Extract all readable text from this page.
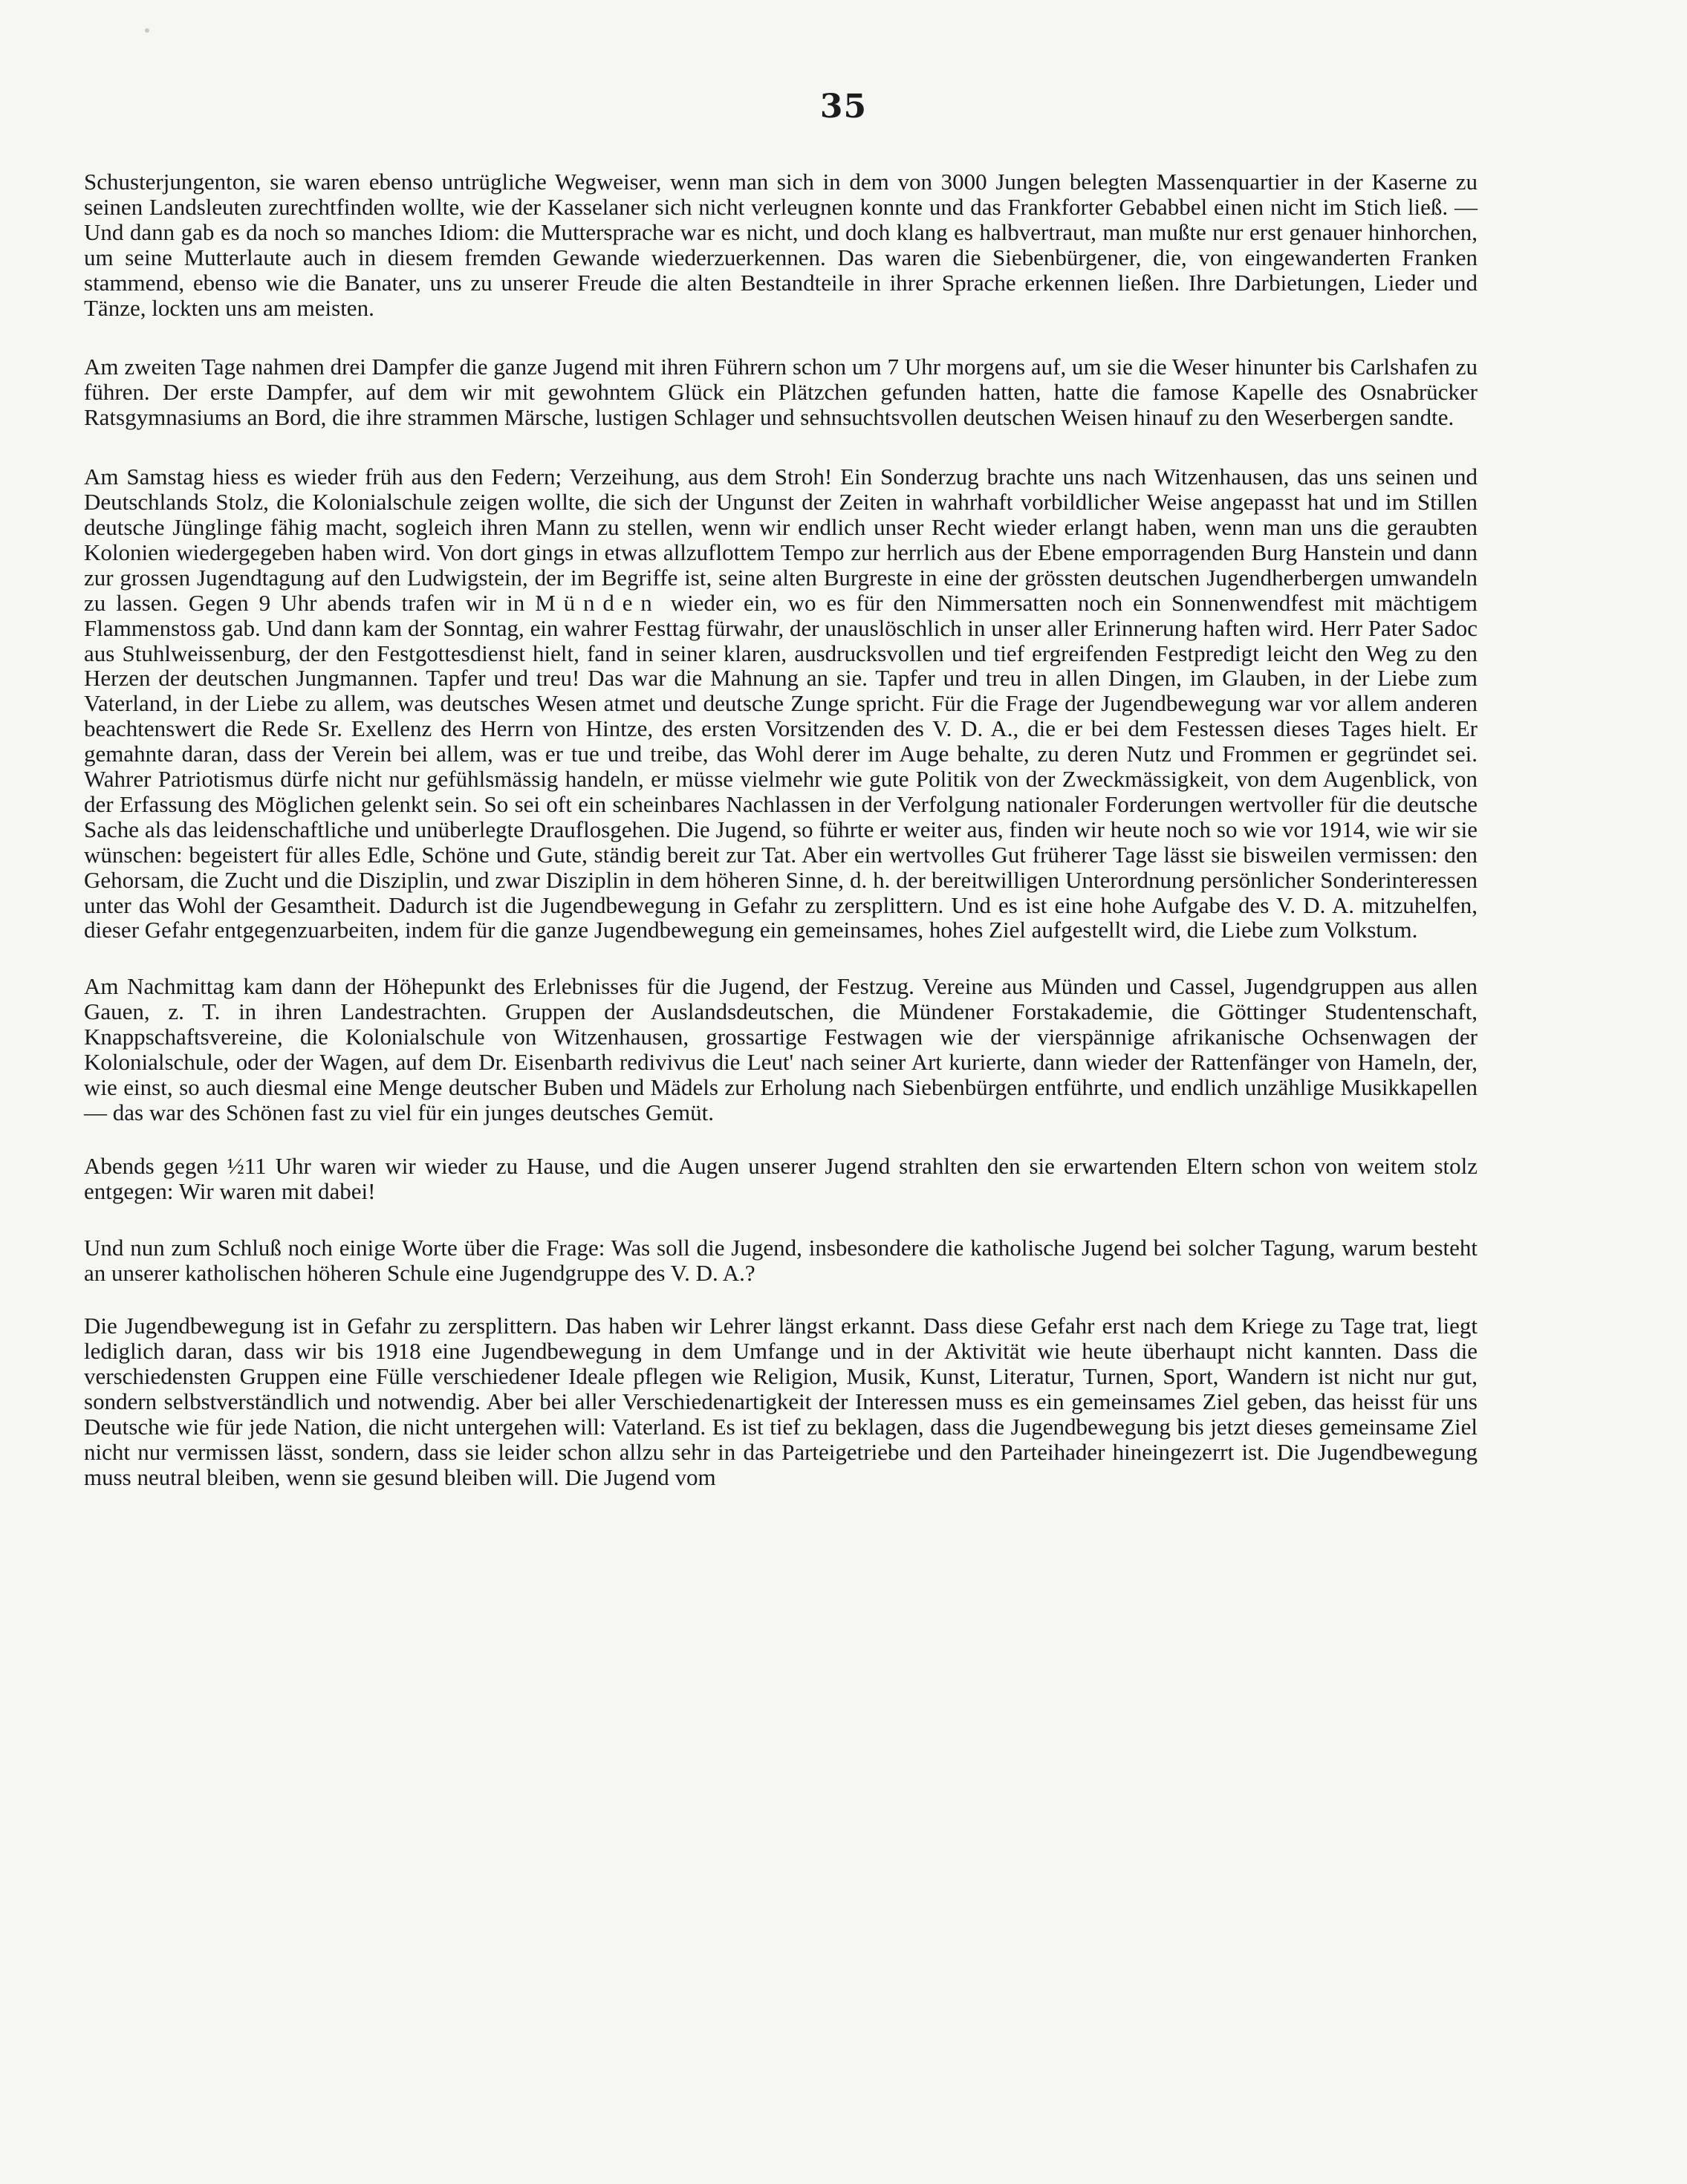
35

Schusterjungenton, sie waren ebenso untrügliche Wegweiser, wenn man sich in dem von 3000 Jungen belegten Massenquartier in der Kaserne zu seinen Landsleuten zurechtfinden wollte, wie der Kasselaner sich nicht verleugnen konnte und das Frankforter Gebabbel einen nicht im Stich ließ. — Und dann gab es da noch so manches Idiom: die Muttersprache war es nicht, und doch klang es halbvertraut, man mußte nur erst genauer hinhorchen, um seine Mutterlaute auch in diesem fremden Gewande wiederzuerkennen. Das waren die Siebenbürgener, die, von eingewanderten Franken stammend, ebenso wie die Banater, uns zu unserer Freude die alten Bestandteile in ihrer Sprache erkennen ließen. Ihre Darbietungen, Lieder und Tänze, lockten uns am meisten.

Am zweiten Tage nahmen drei Dampfer die ganze Jugend mit ihren Führern schon um 7 Uhr morgens auf, um sie die Weser hinunter bis Carlshafen zu führen. Der erste Dampfer, auf dem wir mit gewohntem Glück ein Plätzchen gefunden hatten, hatte die famose Kapelle des Osnabrücker Ratsgymnasiums an Bord, die ihre strammen Märsche, lustigen Schlager und sehnsuchtsvollen deutschen Weisen hinauf zu den Weserbergen sandte.

Am Samstag hiess es wieder früh aus den Federn; Verzeihung, aus dem Stroh! Ein Sonderzug brachte uns nach Witzenhausen, das uns seinen und Deutschlands Stolz, die Kolonialschule zeigen wollte, die sich der Ungunst der Zeiten in wahrhaft vorbildlicher Weise angepasst hat und im Stillen deutsche Jünglinge fähig macht, sogleich ihren Mann zu stellen, wenn wir endlich unser Recht wieder erlangt haben, wenn man uns die geraubten Kolonien wiedergegeben haben wird. Von dort gings in etwas allzuflottem Tempo zur herrlich aus der Ebene emporragenden Burg Hanstein und dann zur grossen Jugendtagung auf den Ludwigstein, der im Begriffe ist, seine alten Burgreste in eine der grössten deutschen Jugendherbergen umwandeln zu lassen. Gegen 9 Uhr abends trafen wir in Münden wieder ein, wo es für den Nimmersatten noch ein Sonnenwendfest mit mächtigem Flammenstoss gab. Und dann kam der Sonntag, ein wahrer Festtag fürwahr, der unauslöschlich in unser aller Erinnerung haften wird. Herr Pater Sadoc aus Stuhlweissenburg, der den Festgottesdienst hielt, fand in seiner klaren, ausdrucksvollen und tief ergreifenden Festpredigt leicht den Weg zu den Herzen der deutschen Jungmannen. Tapfer und treu! Das war die Mahnung an sie. Tapfer und treu in allen Dingen, im Glauben, in der Liebe zum Vaterland, in der Liebe zu allem, was deutsches Wesen atmet und deutsche Zunge spricht. Für die Frage der Jugendbewegung war vor allem anderen beachtenswert die Rede Sr. Exellenz des Herrn von Hintze, des ersten Vorsitzenden des V. D. A., die er bei dem Festessen dieses Tages hielt. Er gemahnte daran, dass der Verein bei allem, was er tue und treibe, das Wohl derer im Auge behalte, zu deren Nutz und Frommen er gegründet sei. Wahrer Patriotismus dürfe nicht nur gefühlsmässig handeln, er müsse vielmehr wie gute Politik von der Zweckmässigkeit, von dem Augenblick, von der Erfassung des Möglichen gelenkt sein. So sei oft ein scheinbares Nachlassen in der Verfolgung nationaler Forderungen wertvoller für die deutsche Sache als das leidenschaftliche und unüberlegte Drauflosgehen. Die Jugend, so führte er weiter aus, finden wir heute noch so wie vor 1914, wie wir sie wünschen: begeistert für alles Edle, Schöne und Gute, ständig bereit zur Tat. Aber ein wertvolles Gut früherer Tage lässt sie bisweilen vermissen: den Gehorsam, die Zucht und die Disziplin, und zwar Disziplin in dem höheren Sinne, d. h. der bereitwilligen Unterordnung persönlicher Sonderinteressen unter das Wohl der Gesamtheit. Dadurch ist die Jugendbewegung in Gefahr zu zersplittern. Und es ist eine hohe Aufgabe des V. D. A. mitzuhelfen, dieser Gefahr entgegenzuarbeiten, indem für die ganze Jugendbewegung ein gemeinsames, hohes Ziel aufgestellt wird, die Liebe zum Volkstum.

Am Nachmittag kam dann der Höhepunkt des Erlebnisses für die Jugend, der Festzug. Vereine aus Münden und Cassel, Jugendgruppen aus allen Gauen, z. T. in ihren Landestrachten. Gruppen der Auslandsdeutschen, die Mündener Forstakademie, die Göttinger Studentenschaft, Knappschaftsvereine, die Kolonialschule von Witzenhausen, grossartige Festwagen wie der vierspännige afrikanische Ochsenwagen der Kolonialschule, oder der Wagen, auf dem Dr. Eisenbarth redivivus die Leut' nach seiner Art kurierte, dann wieder der Rattenfänger von Hameln, der, wie einst, so auch diesmal eine Menge deutscher Buben und Mädels zur Erholung nach Siebenbürgen entführte, und endlich unzählige Musikkapellen — das war des Schönen fast zu viel für ein junges deutsches Gemüt.

Abends gegen ½11 Uhr waren wir wieder zu Hause, und die Augen unserer Jugend strahlten den sie erwartenden Eltern schon von weitem stolz entgegen: Wir waren mit dabei!

Und nun zum Schluß noch einige Worte über die Frage: Was soll die Jugend, insbesondere die katholische Jugend bei solcher Tagung, warum besteht an unserer katholischen höheren Schule eine Jugendgruppe des V. D. A.?

Die Jugendbewegung ist in Gefahr zu zersplittern. Das haben wir Lehrer längst erkannt. Dass diese Gefahr erst nach dem Kriege zu Tage trat, liegt lediglich daran, dass wir bis 1918 eine Jugendbewegung in dem Umfange und in der Aktivität wie heute überhaupt nicht kannten. Dass die verschiedensten Gruppen eine Fülle verschiedener Ideale pflegen wie Religion, Musik, Kunst, Literatur, Turnen, Sport, Wandern ist nicht nur gut, sondern selbstverständlich und notwendig. Aber bei aller Verschiedenartigkeit der Interessen muss es ein gemeinsames Ziel geben, das heisst für uns Deutsche wie für jede Nation, die nicht untergehen will: Vaterland. Es ist tief zu beklagen, dass die Jugendbewegung bis jetzt dieses gemeinsame Ziel nicht nur vermissen lässt, sondern, dass sie leider schon allzu sehr in das Parteigetriebe und den Parteihader hineingezerrt ist. Die Jugendbewegung muss neutral bleiben, wenn sie gesund bleiben will. Die Jugend vom
